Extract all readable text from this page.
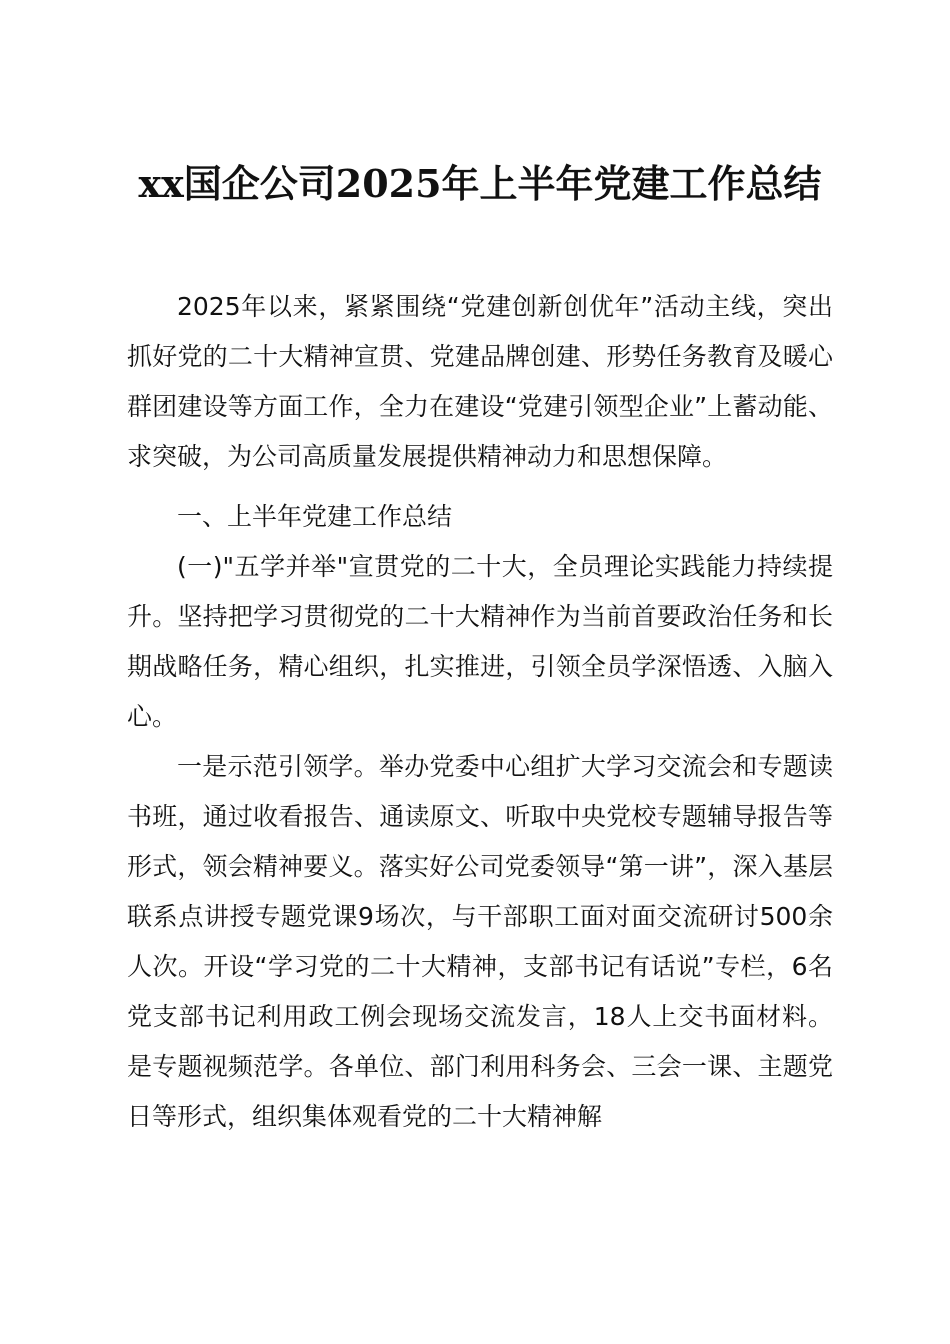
xx国企公司2025年上半年党建工作总结

2025年以来，紧紧围绕“党建创新创优年”活动主线，突出抓好党的二十大精神宣贯、党建品牌创建、形势任务教育及暖心群团建设等方面工作，全力在建设“党建引领型企业”上蓄动能、求突破，为公司高质量发展提供精神动力和思想保障。

一、上半年党建工作总结

(一)"五学并举"宣贯党的二十大，全员理论实践能力持续提升。坚持把学习贯彻党的二十大精神作为当前首要政治任务和长期战略任务，精心组织，扎实推进，引领全员学深悟透、入脑入心。

一是示范引领学。举办党委中心组扩大学习交流会和专题读书班，通过收看报告、通读原文、听取中央党校专题辅导报告等形式，领会精神要义。落实好公司党委领导“第一讲”，深入基层联系点讲授专题党课9场次，与干部职工面对面交流研讨500余人次。开设“学习党的二十大精神，支部书记有话说”专栏，6名党支部书记利用政工例会现场交流发言，18人上交书面材料。是专题视频范学。各单位、部门利用科务会、三会一课、主题党日等形式，组织集体观看党的二十大精神解
